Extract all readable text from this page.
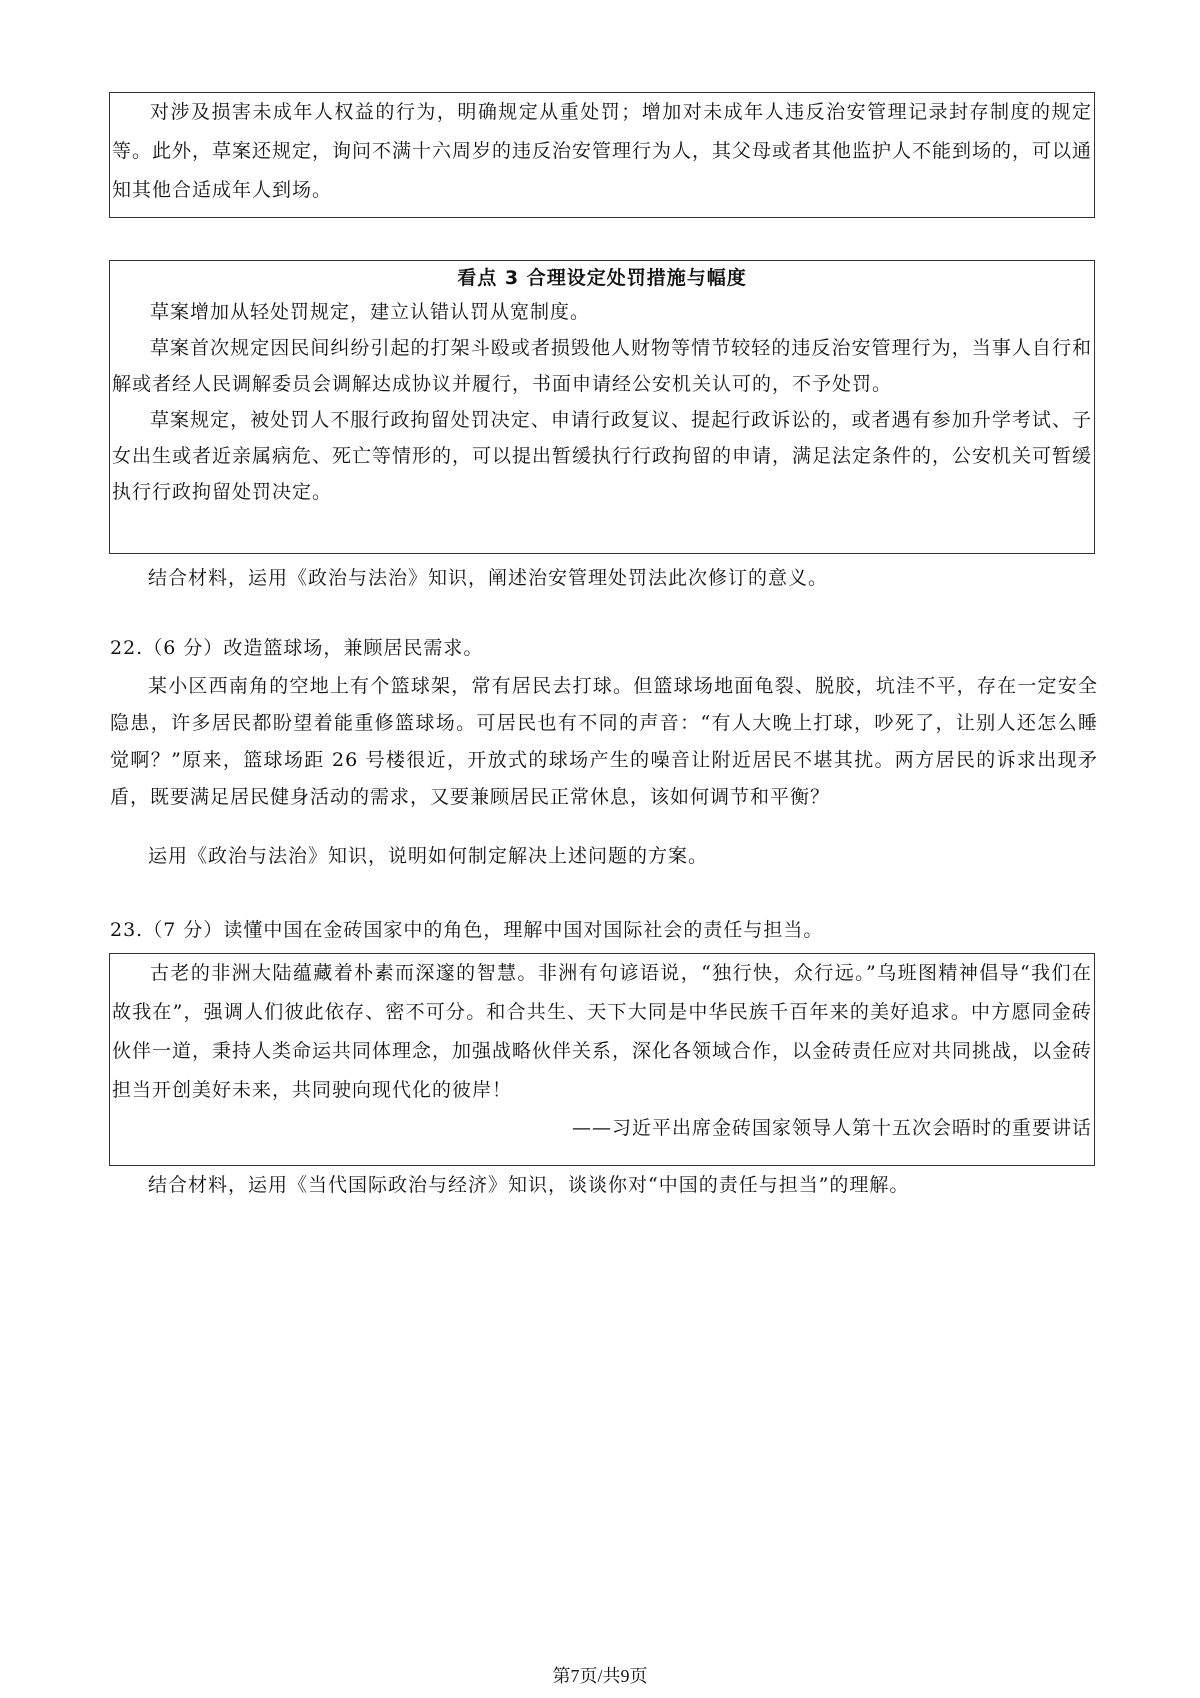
对涉及损害未成年人权益的行为，明确规定从重处罚；增加对未成年人违反治安管理记录封存制度的规定等。此外，草案还规定，询问不满十六周岁的违反治安管理行为人，其父母或者其他监护人不能到场的，可以通知其他合适成年人到场。

看点 3 合理设定处罚措施与幅度

草案增加从轻处罚规定，建立认错认罚从宽制度。

草案首次规定因民间纠纷引起的打架斗殴或者损毁他人财物等情节较轻的违反治安管理行为，当事人自行和解或者经人民调解委员会调解达成协议并履行，书面申请经公安机关认可的，不予处罚。

草案规定，被处罚人不服行政拘留处罚决定、申请行政复议、提起行政诉讼的，或者遇有参加升学考试、子女出生或者近亲属病危、死亡等情形的，可以提出暂缓执行行政拘留的申请，满足法定条件的，公安机关可暂缓执行行政拘留处罚决定。

结合材料，运用《政治与法治》知识，阐述治安管理处罚法此次修订的意义。
22.（6 分）改造篮球场，兼顾居民需求。
某小区西南角的空地上有个篮球架，常有居民去打球。但篮球场地面龟裂、脱胶，坑洼不平，存在一定安全隐患，许多居民都盼望着能重修篮球场。可居民也有不同的声音：“有人大晚上打球，吵死了，让别人还怎么睡觉啊？”原来，篮球场距 26 号楼很近，开放式的球场产生的噪音让附近居民不堪其扰。两方居民的诉求出现矛盾，既要满足居民健身活动的需求，又要兼顾居民正常休息，该如何调节和平衡？
运用《政治与法治》知识，说明如何制定解决上述问题的方案。
23.（7 分）读懂中国在金砖国家中的角色，理解中国对国际社会的责任与担当。

古老的非洲大陆蕴藏着朴素而深邃的智慧。非洲有句谚语说，“独行快，众行远。”乌班图精神倡导“我们在故我在”，强调人们彼此依存、密不可分。和合共生、天下大同是中华民族千百年来的美好追求。中方愿同金砖伙伴一道，秉持人类命运共同体理念，加强战略伙伴关系，深化各领域合作，以金砖责任应对共同挑战，以金砖担当开创美好未来，共同驶向现代化的彼岸！

——习近平出席金砖国家领导人第十五次会晤时的重要讲话

结合材料，运用《当代国际政治与经济》知识，谈谈你对“中国的责任与担当”的理解。
第7页/共9页
